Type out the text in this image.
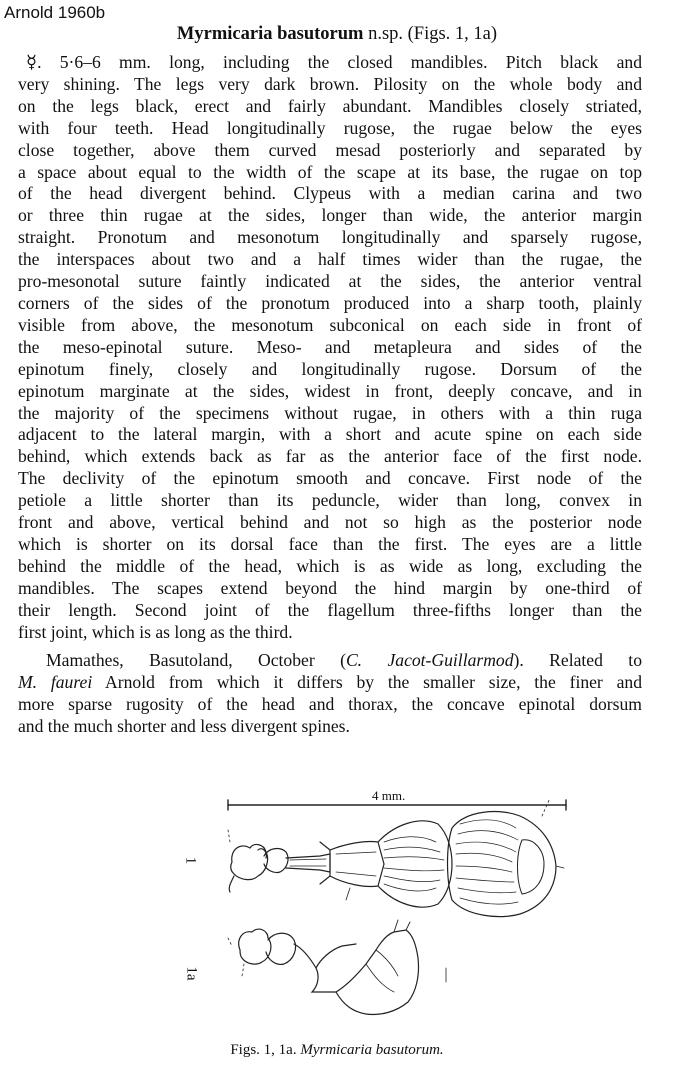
Arnold 1960b
Myrmicaria basutorum n.sp. (Figs. 1, 1a)
☿. 5·6–6 mm. long, including the closed mandibles. Pitch black and
very shining. The legs very dark brown. Pilosity on the whole body and
on the legs black, erect and fairly abundant. Mandibles closely striated,
with four teeth. Head longitudinally rugose, the rugae below the eyes
close together, above them curved mesad posteriorly and separated by
a space about equal to the width of the scape at its base, the rugae on top
of the head divergent behind. Clypeus with a median carina and two
or three thin rugae at the sides, longer than wide, the anterior margin
straight. Pronotum and mesonotum longitudinally and sparsely rugose,
the interspaces about two and a half times wider than the rugae, the
pro-mesonotal suture faintly indicated at the sides, the anterior ventral
corners of the sides of the pronotum produced into a sharp tooth, plainly
visible from above, the mesonotum subconical on each side in front of
the meso-epinotal suture. Meso- and metapleura and sides of the
epinotum finely, closely and longitudinally rugose. Dorsum of the
epinotum marginate at the sides, widest in front, deeply concave, and in
the majority of the specimens without rugae, in others with a thin ruga
adjacent to the lateral margin, with a short and acute spine on each side
behind, which extends back as far as the anterior face of the first node.
The declivity of the epinotum smooth and concave. First node of the
petiole a little shorter than its peduncle, wider than long, convex in
front and above, vertical behind and not so high as the posterior node
which is shorter on its dorsal face than the first. The eyes are a little
behind the middle of the head, which is as wide as long, excluding the
mandibles. The scapes extend beyond the hind margin by one-third of
their length. Second joint of the flagellum three-fifths longer than the
first joint, which is as long as the third.
Mamathes, Basutoland, October (C. Jacot-Guillarmod). Related to
M. faurei Arnold from which it differs by the smaller size, the finer and
more sparse rugosity of the head and thorax, the concave epinotal dorsum
and the much shorter and less divergent spines.
4 mm.
1
1a
Figs. 1, 1a. Myrmicaria basutorum.
